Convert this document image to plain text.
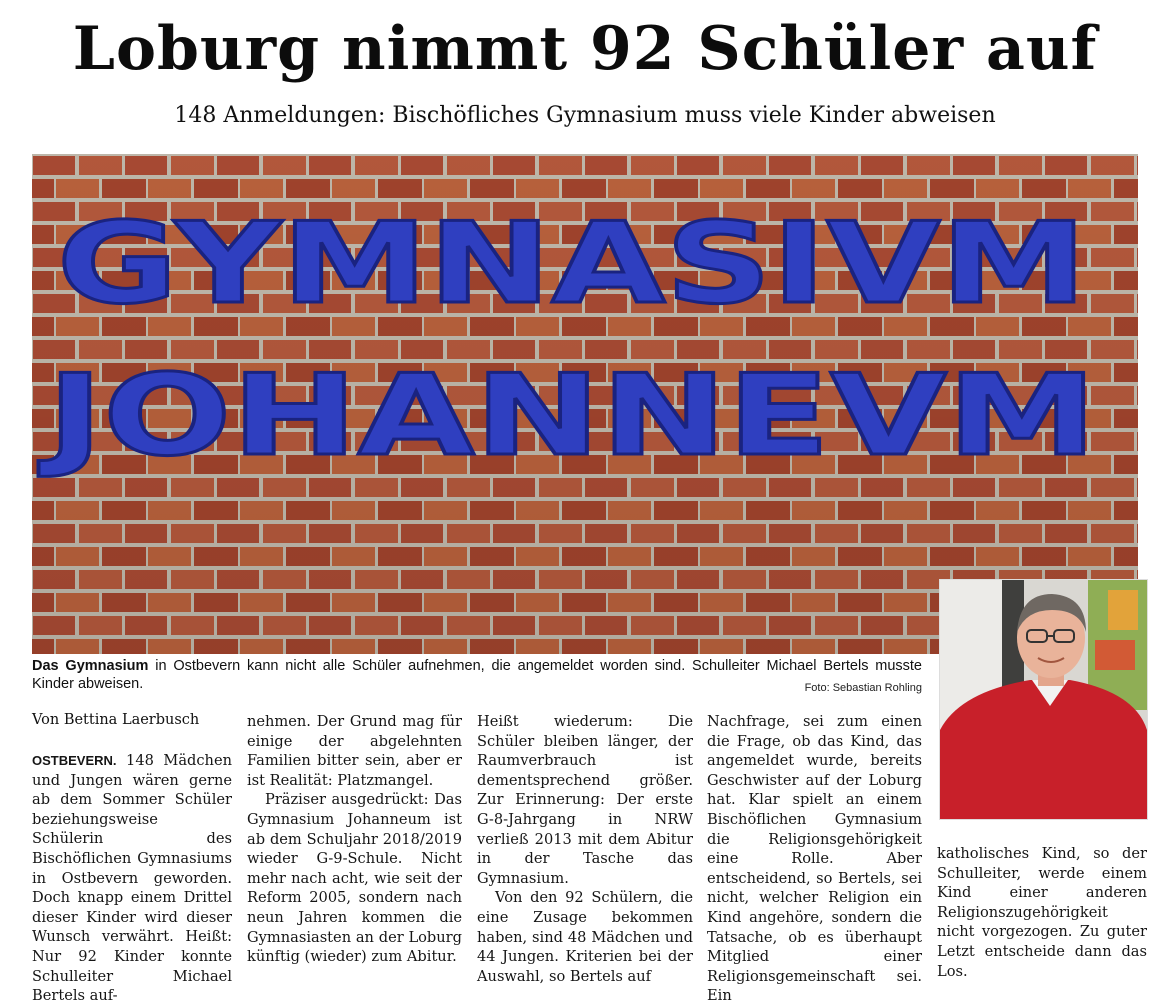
Loburg nimmt 92 Schüler auf
148 Anmeldungen: Bischöfliches Gymnasium muss viele Kinder abweisen
GYMNASIVM
JOHANNEVM
Das Gymnasium in Ostbevern kann nicht alle Schüler aufnehmen, die angemeldet worden sind. Schulleiter Michael Bertels musste Kinder abweisen.	Foto: Sebastian Rohling
Von Bettina Laerbusch

OSTBEVERN. 148 Mädchen und Jungen wären gerne ab dem Sommer Schüler beziehungsweise Schülerin des Bischöflichen Gymnasiums in Ostbevern geworden. Doch knapp einem Drittel dieser Kinder wird dieser Wunsch verwährt. Heißt: Nur 92 Kinder konnte Schulleiter Michael Bertels auf-

nehmen. Der Grund mag für einige der abgelehnten Familien bitter sein, aber er ist Realität: Platzmangel.

Präziser ausgedrückt: Das Gymnasium Johanneum ist ab dem Schuljahr 2018/2019 wieder G-9-Schule. Nicht mehr nach acht, wie seit der Reform 2005, sondern nach neun Jahren kommen die Gymnasiasten an der Loburg künftig (wieder) zum Abitur.

Heißt wiederum: Die Schüler bleiben länger, der Raumverbrauch ist dementsprechend größer. Zur Erinnerung: Der erste G-8-Jahrgang in NRW verließ 2013 mit dem Abitur in der Tasche das Gymnasium.

Von den 92 Schülern, die eine Zusage bekommen haben, sind 48 Mädchen und 44 Jungen. Kriterien bei der Auswahl, so Bertels auf

Nachfrage, sei zum einen die Frage, ob das Kind, das angemeldet wurde, bereits Geschwister auf der Loburg hat. Klar spielt an einem Bischöflichen Gymnasium die Religionsgehörigkeit eine Rolle. Aber entscheidend, so Bertels, sei nicht, welcher Religion ein Kind angehöre, sondern die Tatsache, ob es überhaupt Mitglied einer Religionsgemeinschaft sei. Ein

katholisches Kind, so der Schulleiter, werde einem Kind einer anderen Religionszugehörigkeit nicht vorgezogen. Zu guter Letzt entscheide dann das Los.
